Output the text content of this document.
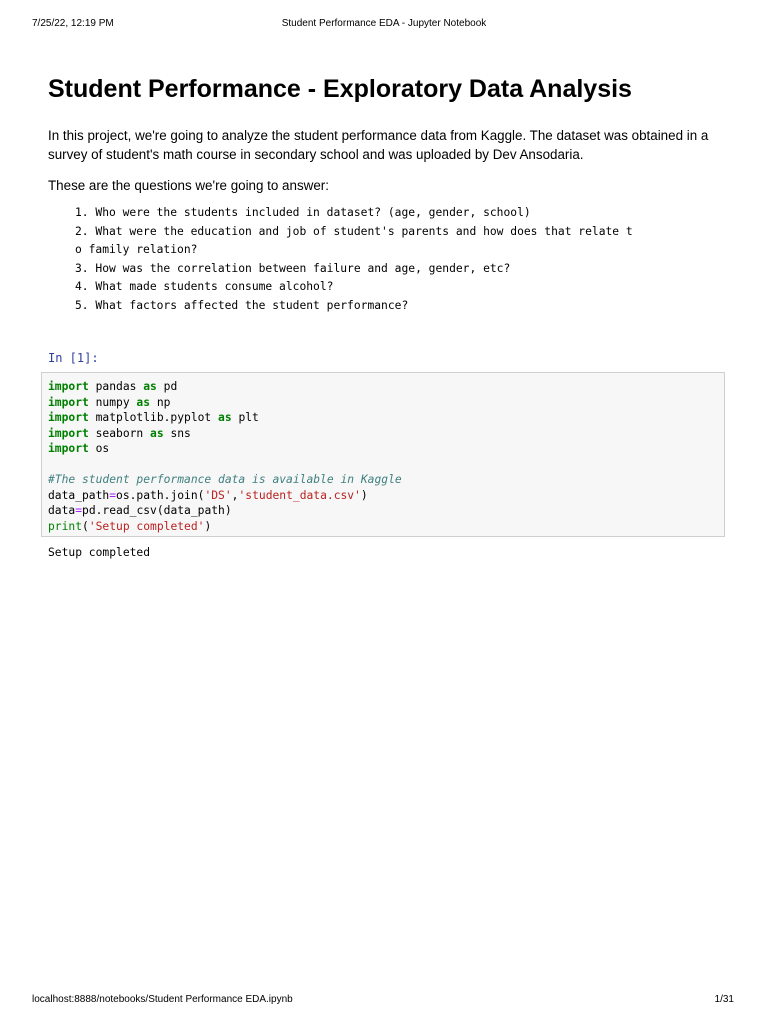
7/25/22, 12:19 PM	Student Performance EDA - Jupyter Notebook
Student Performance - Exploratory Data Analysis

In this project, we're going to analyze the student performance data from Kaggle. The dataset was obtained in a survey of student's math course in secondary school and was uploaded by Dev Ansodaria.

These are the questions we're going to answer:

1. Who were the students included in dataset? (age, gender, school)
2. What were the education and job of student's parents and how does that relate t
o family relation?
3. How was the correlation between failure and age, gender, etc?
4. What made students consume alcohol?
5. What factors affected the student performance?
In [1]:
import pandas as pd
import numpy as np
import matplotlib.pyplot as plt
import seaborn as sns
import os

#The student performance data is available in Kaggle
data_path=os.path.join('DS','student_data.csv')
data=pd.read_csv(data_path)
print('Setup completed')
Setup completed
localhost:8888/notebooks/Student Performance EDA.ipynb	1/31
